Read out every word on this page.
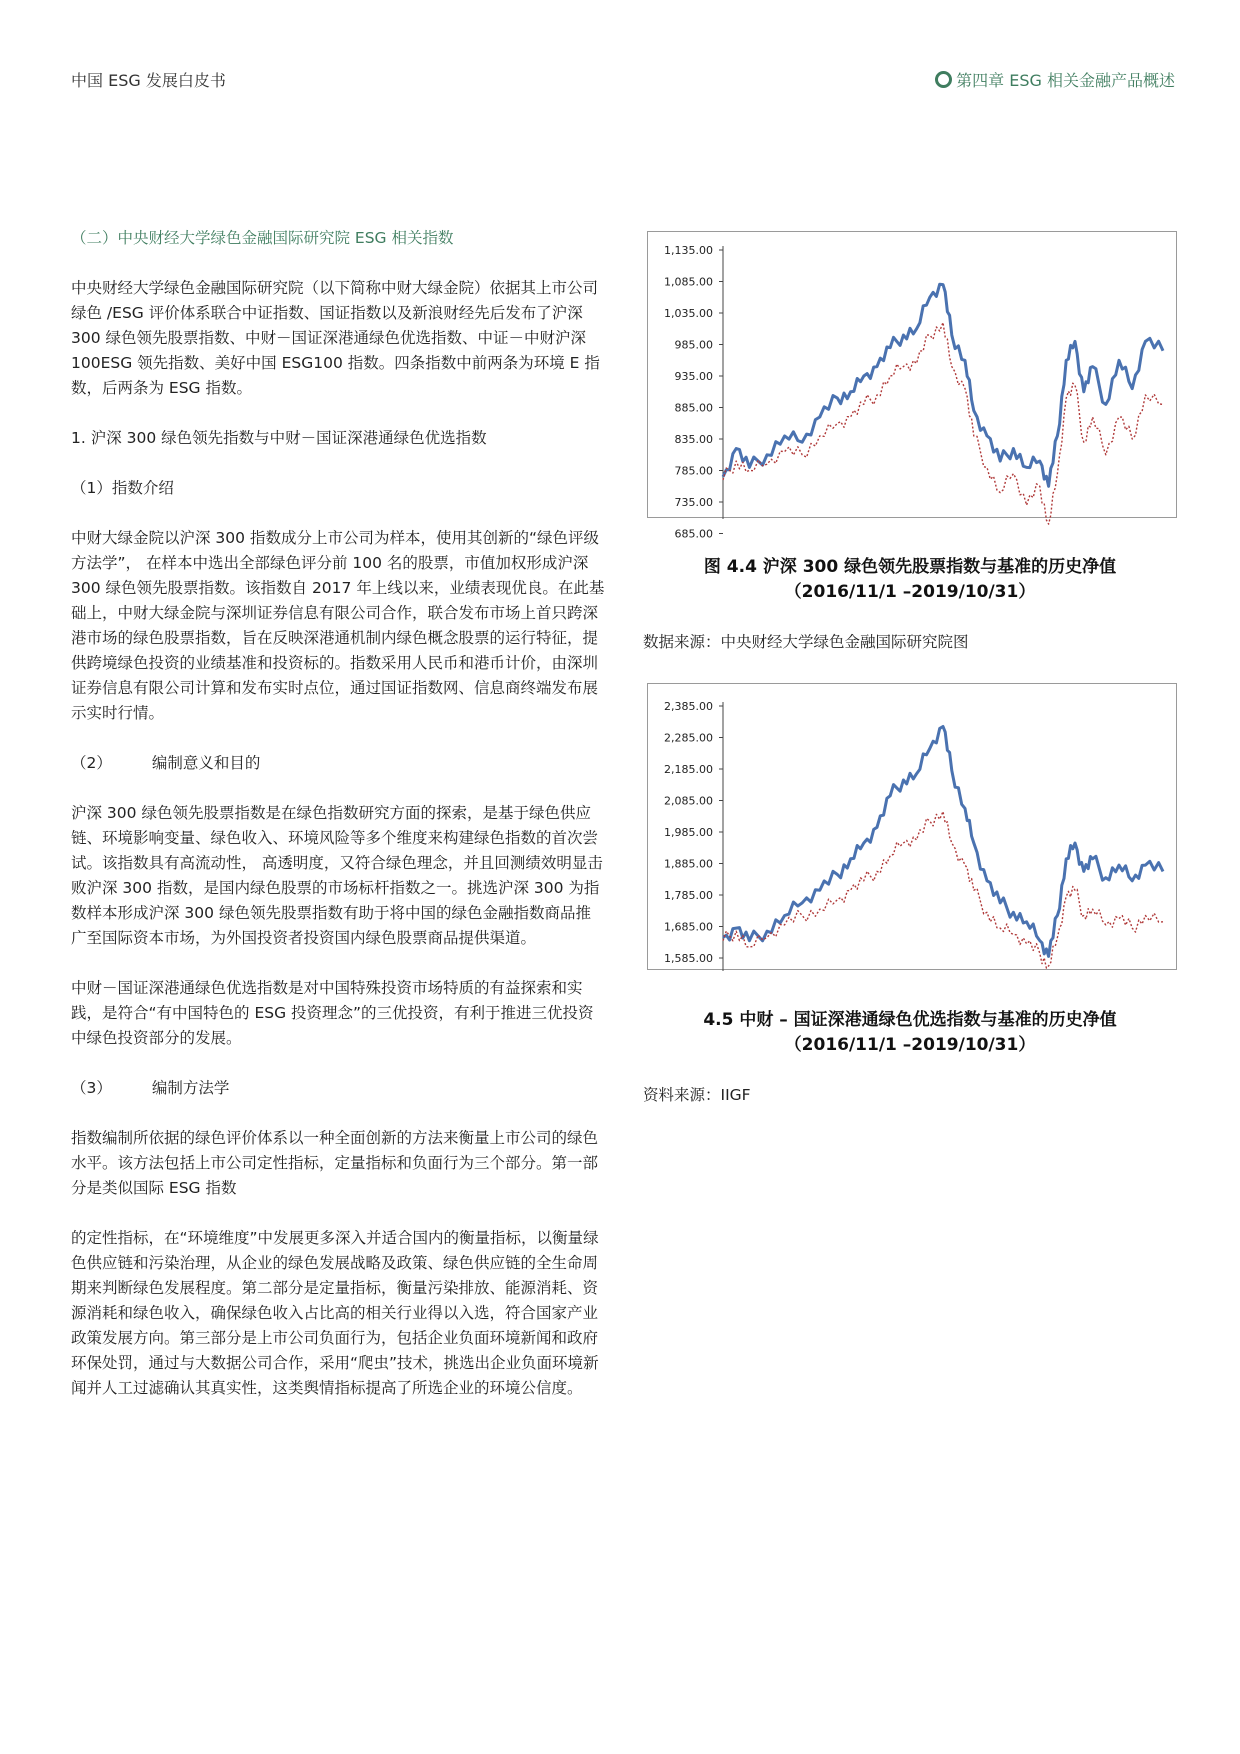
中国 ESG 发展白皮书	第四章 ESG 相关金融产品概述

（二）中央财经大学绿色金融国际研究院 ESG 相关指数

中央财经大学绿色金融国际研究院（以下简称中财大绿金院）依据其上市公司绿色 /ESG 评价体系联合中证指数、国证指数以及新浪财经先后发布了沪深 300 绿色领先股票指数、中财－国证深港通绿色优选指数、中证－中财沪深 100ESG 领先指数、美好中国 ESG100 指数。四条指数中前两条为环境 E 指数，后两条为 ESG 指数。

1. 沪深 300 绿色领先指数与中财－国证深港通绿色优选指数

（1）指数介绍

中财大绿金院以沪深 300 指数成分上市公司为样本，使用其创新的“绿色评级方法学”， 在样本中选出全部绿色评分前 100 名的股票，市值加权形成沪深 300 绿色领先股票指数。该指数自 2017 年上线以来，业绩表现优良。在此基础上，中财大绿金院与深圳证券信息有限公司合作，联合发布市场上首只跨深港市场的绿色股票指数，旨在反映深港通机制内绿色概念股票的运行特征，提供跨境绿色投资的业绩基准和投资标的。指数采用人民币和港币计价，由深圳证券信息有限公司计算和发布实时点位，通过国证指数网、信息商终端发布展示实时行情。

（2）	编制意义和目的

沪深 300 绿色领先股票指数是在绿色指数研究方面的探索，是基于绿色供应链、环境影响变量、绿色收入、环境风险等多个维度来构建绿色指数的首次尝试。该指数具有高流动性， 高透明度，又符合绿色理念，并且回测绩效明显击败沪深 300 指数，是国内绿色股票的市场标杆指数之一。挑选沪深 300 为指数样本形成沪深 300 绿色领先股票指数有助于将中国的绿色金融指数商品推广至国际资本市场，为外国投资者投资国内绿色股票商品提供渠道。

中财－国证深港通绿色优选指数是对中国特殊投资市场特质的有益探索和实践，是符合“有中国特色的 ESG 投资理念”的三优投资，有利于推进三优投资中绿色投资部分的发展。

（3）	编制方法学

指数编制所依据的绿色评价体系以一种全面创新的方法来衡量上市公司的绿色水平。该方法包括上市公司定性指标，定量指标和负面行为三个部分。第一部分是类似国际 ESG 指数

的定性指标，在“环境维度”中发展更多深入并适合国内的衡量指标，以衡量绿色供应链和污染治理，从企业的绿色发展战略及政策、绿色供应链的全生命周期来判断绿色发展程度。第二部分是定量指标，衡量污染排放、能源消耗、资源消耗和绿色收入，确保绿色收入占比高的相关行业得以入选，符合国家产业政策发展方向。第三部分是上市公司负面行为，包括企业负面环境新闻和政府环保处罚，通过与大数据公司合作，采用“爬虫”技术，挑选出企业负面环境新闻并人工过滤确认其真实性，这类舆情指标提高了所选企业的环境公信度。

1,135.00
1,085.00
1,035.00
985.00
935.00
885.00
835.00
785.00
735.00
685.00
图 4.4 沪深 300 绿色领先股票指数与基准的历史净值
（2016/11/1 –2019/10/31）
数据来源：中央财经大学绿色金融国际研究院图
2,385.00
2,285.00
2,185.00
2,085.00
1,985.00
1,885.00
1,785.00
1,685.00
1,585.00
4.5 中财 – 国证深港通绿色优选指数与基准的历史净值
（2016/11/1 –2019/10/31）
资料来源：IIGF
